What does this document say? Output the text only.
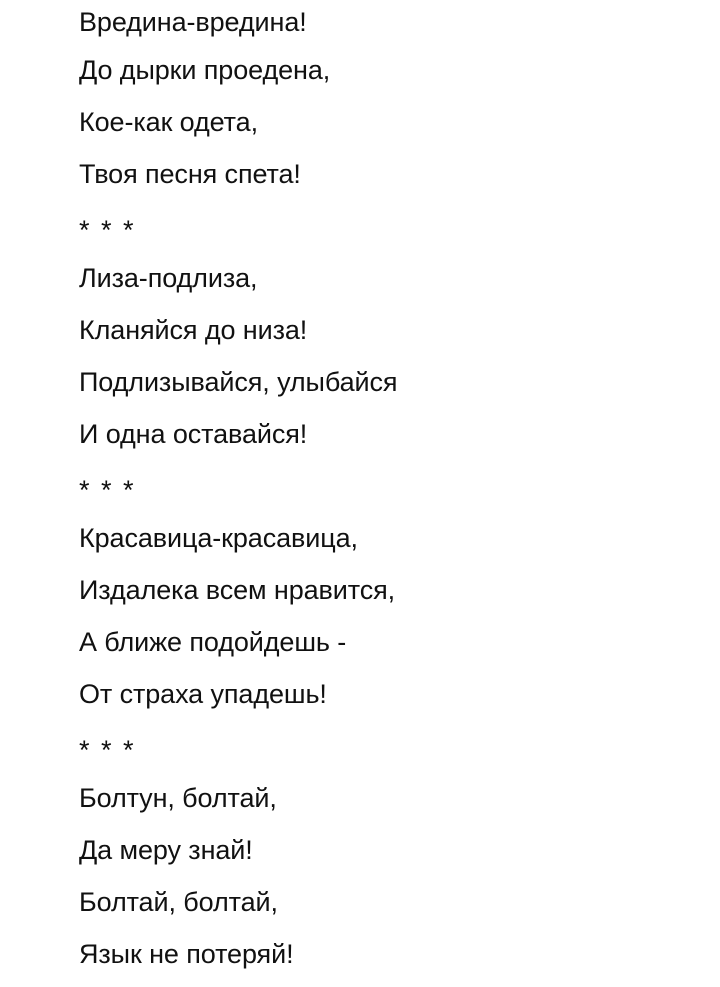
Вредина-вредина!
До дырки проедена,
Кое-как одета,
Твоя песня спета!
* * *
Лиза-подлиза,
Кланяйся до низа!
Подлизывайся, улыбайся
И одна оставайся!
* * *
Красавица-красавица,
Издалека всем нравится,
А ближе подойдешь -
От страха упадешь!
* * *
Болтун, болтай,
Да меру знай!
Болтай, болтай,
Язык не потеряй!
